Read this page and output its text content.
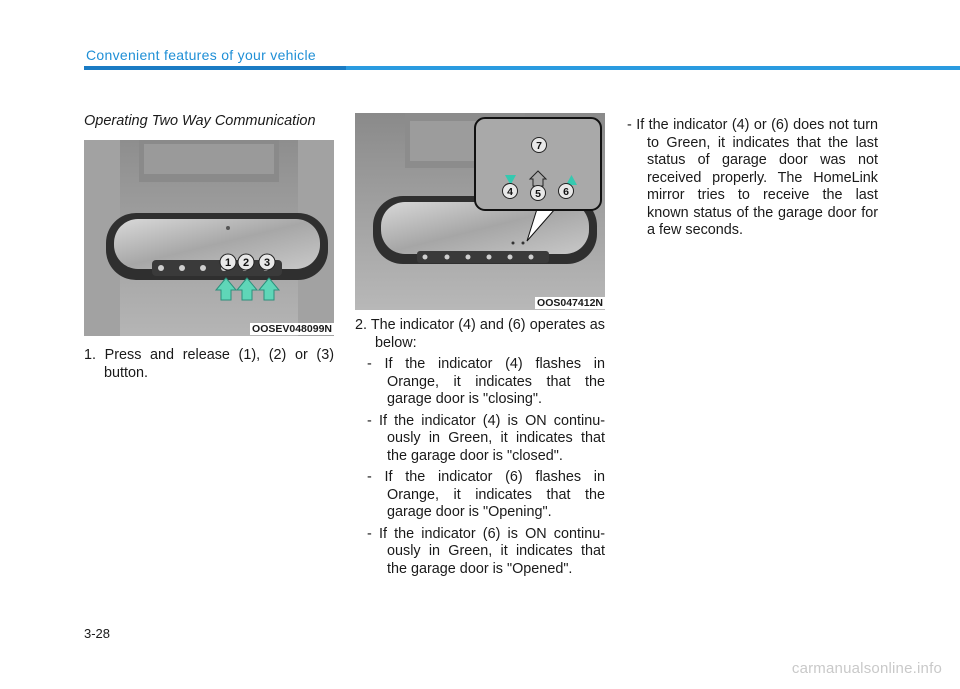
Convenient features of your vehicle
Operating Two Way Communication
1 2 3
OOSEV048099N

1. Press and release (1), (2) or (3) button.

7
4 5 6
OOS047412N

2. The indicator (4) and (6) operates as below:

- If the indicator (4) flashes in Orange, it indicates that the garage door is "closing".

- If the indicator (4) is ON continu-ously in Green, it indicates that the garage door is "closed".

- If the indicator (6) flashes in Orange, it indicates that the garage door is "Opening".

- If the indicator (6) is ON continu-ously in Green, it indicates that the garage door is "Opened".

- If the indicator (4) or (6) does not turn to Green, it indicates that the last status of garage door was not received properly. The HomeLink mirror tries to receive the last known status of the garage door for a few seconds.

3-28
carmanualsonline.info
